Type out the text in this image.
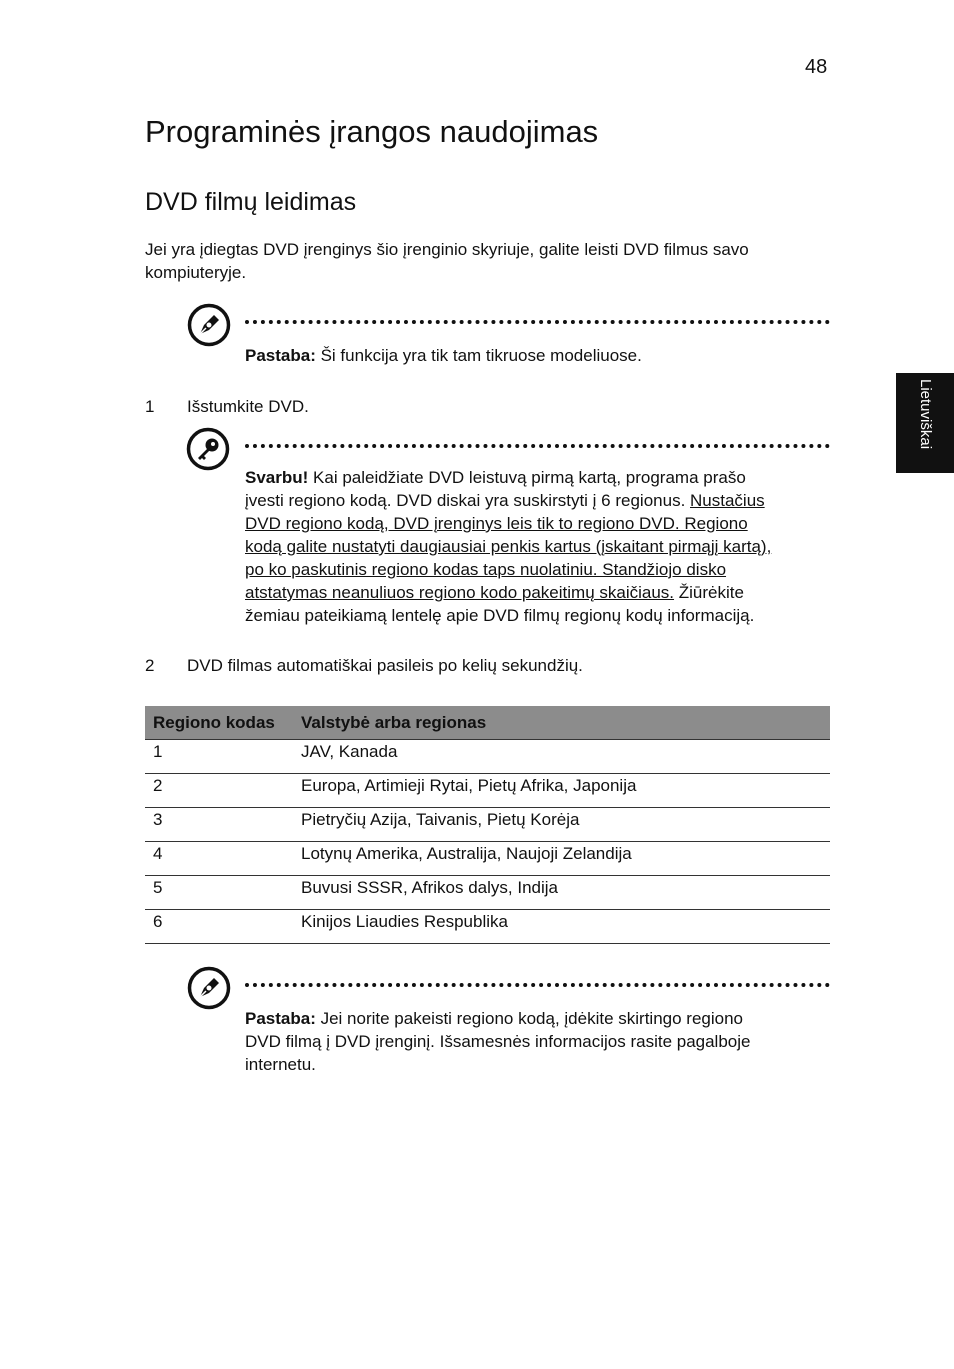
48
Programinės įrangos naudojimas
DVD filmų leidimas
Jei yra įdiegtas DVD įrenginys šio įrenginio skyriuje, galite leisti DVD filmus savo kompiuteryje.
Pastaba: Ši funkcija yra tik tam tikruose modeliuose.
1 Išstumkite DVD.
Svarbu! Kai paleidžiate DVD leistuvą pirmą kartą, programa prašo
įvesti regiono kodą. DVD diskai yra suskirstyti į 6 regionus. Nustačius
DVD regiono kodą, DVD įrenginys leis tik to regiono DVD. Regiono
kodą galite nustatyti daugiausiai penkis kartus (įskaitant pirmąjį kartą),
po ko paskutinis regiono kodas taps nuolatiniu. Standžiojo disko
atstatymas neanuliuos regiono kodo pakeitimų skaičiaus. Žiūrėkite
žemiau pateikiamą lentelę apie DVD filmų regionų kodų informaciją.
2 DVD filmas automatiškai pasileis po kelių sekundžių.
Regiono kodas	Valstybė arba regionas
1	JAV, Kanada
2	Europa, Artimieji Rytai, Pietų Afrika, Japonija
3	Pietryčių Azija, Taivanis, Pietų Korėja
4	Lotynų Amerika, Australija, Naujoji Zelandija
5	Buvusi SSSR, Afrikos dalys, Indija
6	Kinijos Liaudies Respublika
Pastaba: Jei norite pakeisti regiono kodą, įdėkite skirtingo regiono
DVD filmą į DVD įrenginį. Išsamesnės informacijos rasite pagalboje
internetu.
Lietuviškai
